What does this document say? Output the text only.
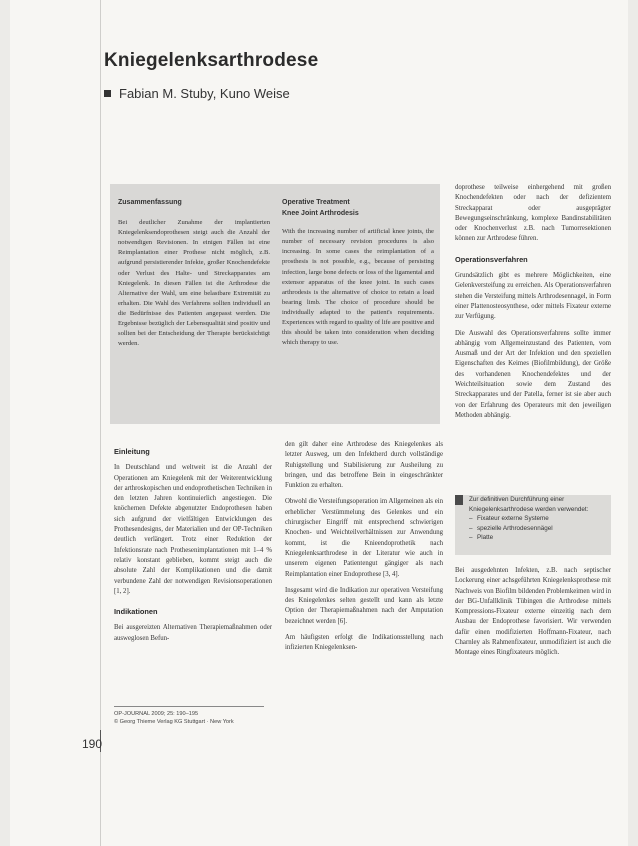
Kniegelenksarthrodese
Fabian M. Stuby, Kuno Weise
Zusammenfassung
Bei deutlicher Zunahme der implantierten Kniegelenksendoprothesen steigt auch die Anzahl der notwendigen Revisionen. In einigen Fällen ist eine Reimplantation einer Prothese nicht möglich, z.B. aufgrund persistierender Infekte, großer Knochendefekte oder Verlust des Halte- und Streckapparates am Kniegelenk. In diesen Fällen ist die Arthrodese die Alternative der Wahl, um eine belastbare Extremität zu erhalten. Die Wahl des Verfahrens sollten individuell an die Bedürfnisse des Patienten angepasst werden. Die Ergebnisse bezüglich der Lebensqualität sind positiv und sollten bei der Entscheidung der Therapie berücksichtigt werden.
Operative Treatment
Knee Joint Arthrodesis
With the increasing number of artificial knee joints, the number of necessary revision procedures is also increasing. In some cases the reimplantation of a prosthesis is not possible, e.g., because of persisting infection, large bone defects or loss of the ligamental and extensor apparatus of the knee joint. In such cases arthrodesis is the alternative of choice to retain a load bearing limb. The choice of procedure should be individually adapted to the patient's requirements. Experiences with regard to quality of life are positive and this should be taken into consideration when deciding which therapy to use.
Einleitung

In Deutschland und weltweit ist die Anzahl der Operationen am Kniegelenk mit der Weiterentwicklung der arthroskopischen und endoprothetischen Techniken in den letzten Jahren kontinuierlich angestiegen. Die knöchernen Defekte abgenutzter Endoprothesen haben sich aufgrund der vielfältigen Entwicklungen des Prothesendesigns, der Materialien und der OP-Techniken deutlich verlängert. Trotz einer Reduktion der Infektionsrate nach Prothesenimplantationen mit 1–4 % relativ konstant geblieben, kommt steigt auch die absolute Zahl der Komplikationen und die damit verbundene Zahl der notwendigen Revisionsoperationen [1, 2].

Indikationen

Bei ausgereizten Alternativen Therapiemaßnahmen oder ausweglosen Befun-

den gilt daher eine Arthrodese des Kniegelenkes als letzter Ausweg, um den Infektherd durch vollständige Ruhigstellung und Stabilisierung zur Ausheilung zu bringen, und das betroffene Bein in eingeschränkter Funktion zu erhalten.

Obwohl die Versteifungsoperation im Allgemeinen als ein erheblicher Verstümmelung des Gelenkes und ein chirurgischer Eingriff mit entsprechend schwierigen Knochen- und Weichteilverhältnissen zur Anwendung kommt, ist die Knieendoprothetik nach Kniegelenksarthrodese in der Literatur wie auch in unserem eigenen Patientengut gängiger als nach Reimplantation einer Endoprothese [3, 4].

Insgesamt wird die Indikation zur operativen Versteifung des Kniegelenkes selten gestellt und kann als letzte Option der Therapiemaßnahmen nach der Amputation bezeichnet werden [6].

Am häufigsten erfolgt die Indikationsstellung nach infizierten Kniegelenksen-

doprothese teilweise einhergehend mit großen Knochendefekten oder nach der defizientem Streckapparat oder ausgeprägter Bewegungseinschränkung, komplexe Bandinstabilitäten oder Knochenverlust z.B. nach Tumorresektionen können zur Arthrodese führen.

Operationsverfahren

Grundsätzlich gibt es mehrere Möglichkeiten, eine Gelenkversteifung zu erreichen. Als Operationsverfahren stehen die Versteifung mittels Arthrodesennagel, in Form einer Plattenosteosynthese, oder mittels Fixateur externe zur Verfügung.

Die Auswahl des Operationsverfahrens sollte immer abhängig vom Allgemeinzustand des Patienten, vom Ausmaß und der Art der Infektion und den speziellen Eigenschaften des Keimes (Biofilmbildung), der Größe des vorhandenen Knochendefektes und der Weichteilsituation sowie dem Zustand des Streckapparates und der Patella, ferner ist sie aber auch von der Erfahrung des Operateurs mit den jeweiligen Methoden abhängig.

Zur definitiven Durchführung einer Kniegelenksarthrodese werden verwendet:
– Fixateur externe Systeme
– spezielle Arthrodesennägel
– Platte

Bei ausgedehnten Infekten, z.B. nach septischer Lockerung einer achsgeführten Kniegelenksprothese mit Nachweis von Biofilm bildenden Problemkeimen wird in der BG-Unfallklinik Tübingen die Arthrodese mittels Kompressions-Fixateur externe einzeitig nach dem Ausbau der Endoprothese favorisiert. Wir verwenden dafür einen modifizierten Hoffmann-Fixateur, nach Charnley als Rahmenfixateur, unmodifiziert ist auch die Montage eines Ringfixateurs möglich.

OP-JOURNAL 2009; 25: 190–195
© Georg Thieme Verlag KG Stuttgart · New York
190
